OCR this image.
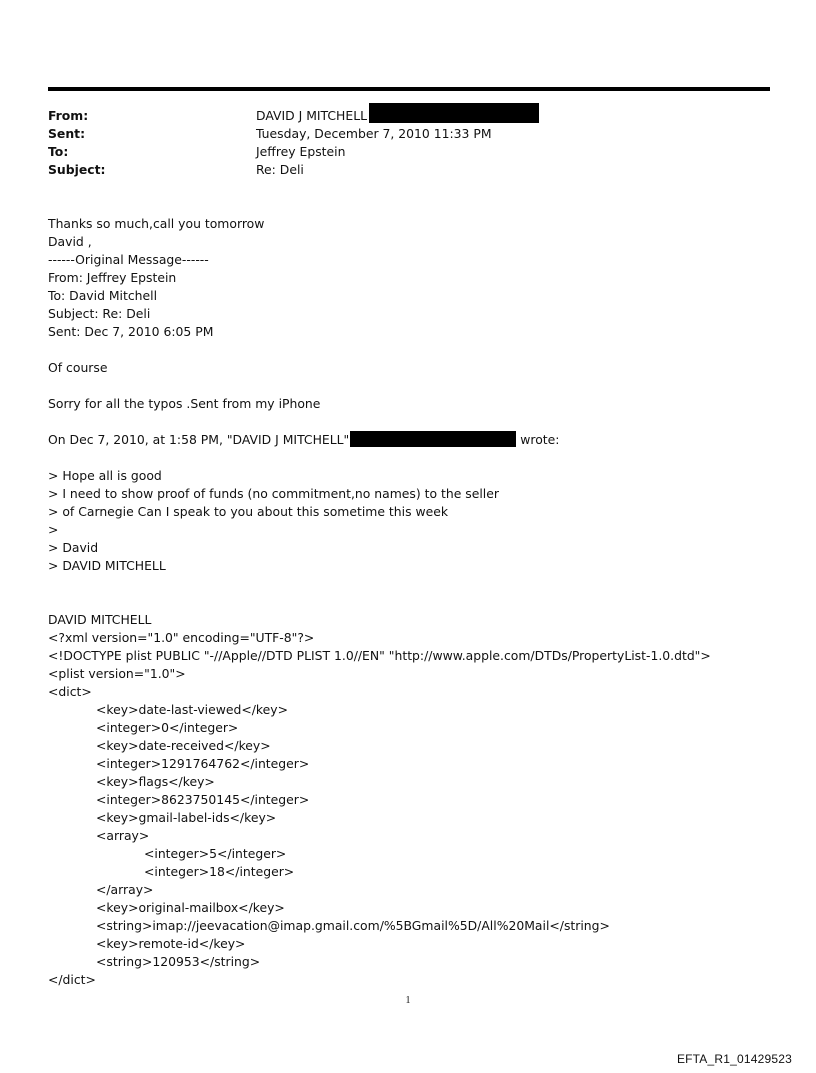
From:	DAVID J MITCHELL
Sent:	Tuesday, December 7, 2010 11:33 PM
To:	Jeffrey Epstein
Subject:	Re: Deli
Thanks so much,call you tomorrow
David ,
------Original Message------
From: Jeffrey Epstein
To: David Mitchell
Subject: Re: Deli
Sent: Dec 7, 2010 6:05 PM
Of course
Sorry for all the typos .Sent from my iPhone
On Dec 7, 2010, at 1:58 PM, "DAVID J MITCHELL"	wrote:
> Hope all is good
> I need to show proof of funds (no commitment,no names) to the seller
> of Carnegie Can I speak to you about this sometime this week
>
> David
> DAVID MITCHELL
DAVID MITCHELL
<?xml version="1.0" encoding="UTF-8"?>
<!DOCTYPE plist PUBLIC "-//Apple//DTD PLIST 1.0//EN" "http://www.apple.com/DTDs/PropertyList-1.0.dtd">
<plist version="1.0">
<dict>
<key>date-last-viewed</key>
<integer>0</integer>
<key>date-received</key>
<integer>1291764762</integer>
<key>flags</key>
<integer>8623750145</integer>
<key>gmail-label-ids</key>
<array>
<integer>5</integer>
<integer>18</integer>
</array>
<key>original-mailbox</key>
<string>imap://jeevacation@imap.gmail.com/%5BGmail%5D/All%20Mail</string>
<key>remote-id</key>
<string>120953</string>
</dict>
1
EFTA_R1_01429523
